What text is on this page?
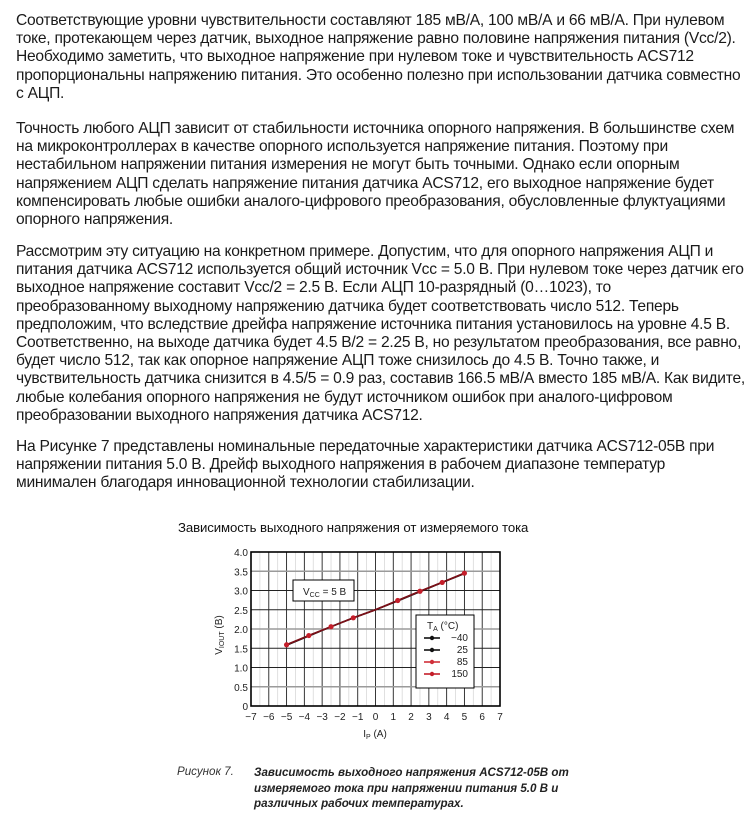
Соответствующие уровни чувствительности составляют 185 мВ/А, 100 мВ/А и 66 мВ/А. При нулевом токе, протекающем через датчик, выходное напряжение равно половине напряжения питания (Vcc/2). Необходимо заметить, что выходное напряжение при нулевом токе и чувствительность ACS712 пропорциональны напряжению питания. Это особенно полезно при использовании датчика совместно с АЦП.

Точность любого АЦП зависит от стабильности источника опорного напряжения. В большинстве схем на микроконтроллерах в качестве опорного используется напряжение питания. Поэтому при нестабильном напряжении питания измерения не могут быть точными. Однако если опорным напряжением АЦП сделать напряжение питания датчика ACS712, его выходное напряжение будет компенсировать любые ошибки аналого-цифрового преобразования, обусловленные флуктуациями опорного напряжения.

Рассмотрим эту ситуацию на конкретном примере. Допустим, что для опорного напряжения АЦП и питания датчика ACS712 используется общий источник Vcc = 5.0 В. При нулевом токе через датчик его выходное напряжение составит Vcc/2 = 2.5 В. Если АЦП 10-разрядный (0…1023), то преобразованному выходному напряжению датчика будет соответствовать число 512. Теперь предположим, что вследствие дрейфа напряжение источника питания установилось на уровне 4.5 В. Соответственно, на выходе датчика будет 4.5 В/2 = 2.25 В, но результатом преобразования, все равно, будет число 512, так как опорное напряжение АЦП тоже снизилось до 4.5 В. Точно также, и чувствительность датчика снизится в 4.5/5 = 0.9 раз, составив 166.5 мВ/А вместо 185 мВ/А. Как видите, любые колебания опорного напряжения не будут источником ошибок при аналого-цифровом преобразовании выходного напряжения датчика ACS712.

На Рисунке 7 представлены номинальные передаточные характеристики датчика ACS712-05B при напряжении питания 5.0 В. Дрейф выходного напряжения в рабочем диапазоне температур минимален благодаря инновационной технологии стабилизации.

Зависимость выходного напряжения от измеряемого тока
0
0.5
1.0
1.5
2.0
2.5
3.0
3.5
4.0
−7 −6 −5 −4 −3 −2 −1 0 1 2 3 4 5 6 7
$V_{IOUT}$ (В)
$I_P$ (A)
$V_{CC} = 5$ В
$T_A$ (°C)
−40
25
85
150
Рисунок 7. Зависимость выходного напряжения ACS712-05B от измеряемого тока при напряжении питания 5.0 В и различных рабочих температурах.
